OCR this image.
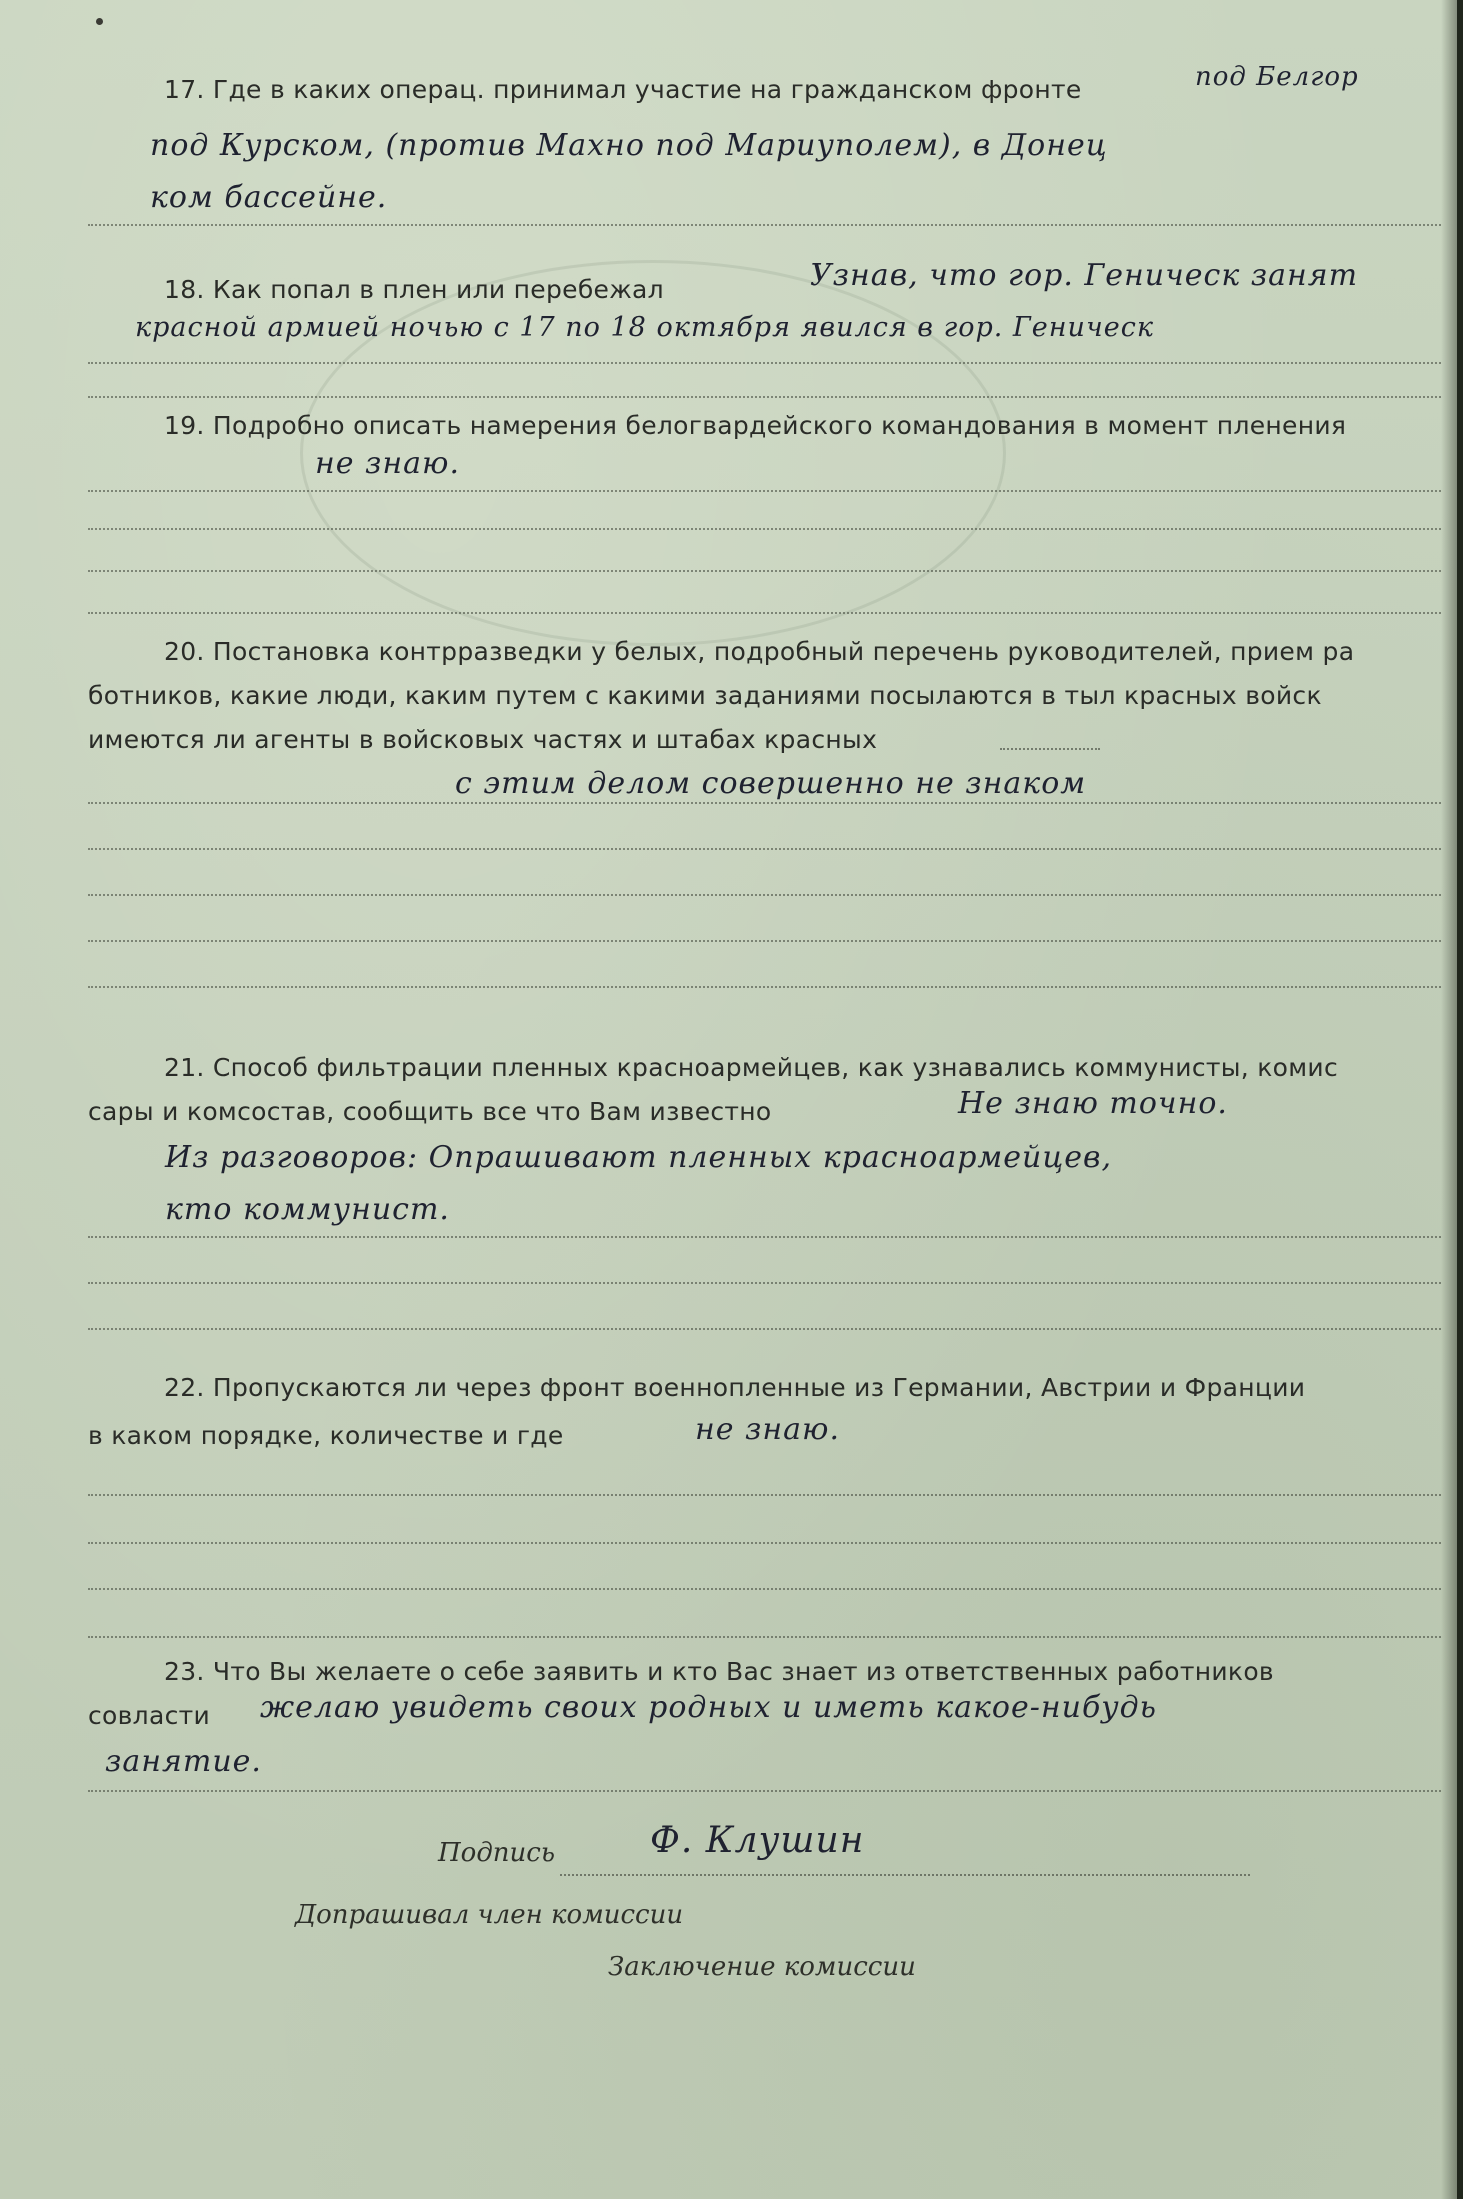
17. Где в каких операц. принимал участие на гражданском фронте	под Белгор
под Курском, (против Махно под Мариуполем), в Донец
ком бассейне.
18. Как попал в плен или перебежал	Узнав, что гор. Геническ занят
красной армией ночью с 17 по 18 октября явился в гор. Геническ
19. Подробно описать намерения белогвардейского командования в момент пленения
не знаю.
20. Постановка контрразведки у белых, подробный перечень руководителей, прием ра
ботников, какие люди, каким путем с какими заданиями посылаются в тыл красных войск
имеются ли агенты в войсковых частях и штабах красных
с этим делом совершенно не знаком
21. Способ фильтрации пленных красноармейцев, как узнавались коммунисты, комис
сары и комсостав, сообщить все что Вам известно	Не знаю точно.
Из разговоров: Опрашивают пленных красноармейцев,
кто коммунист.
22. Пропускаются ли через фронт военнопленные из Германии, Австрии и Франции
в каком порядке, количестве и где	не знаю.
23. Что Вы желаете о себе заявить и кто Вас знает из ответственных работников
совласти	желаю увидеть своих родных и иметь какое-нибудь
занятие.
Подпись	Ф. Клушин
Допрашивал член комиссии
Заключение комиссии
